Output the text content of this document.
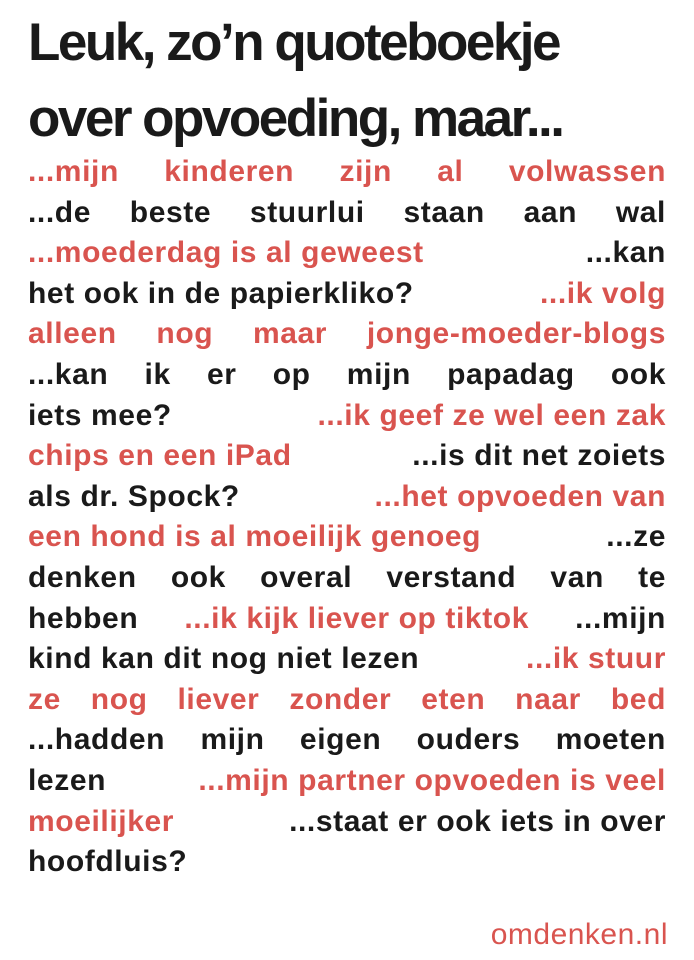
Leuk, zo’n quoteboekje
over opvoeding, maar...
...mijn kinderen zijn al volwassen
...de beste stuurlui staan aan wal
...moederdag is al geweest	...kan
het ook in de papierkliko?	...ik volg
alleen nog maar jonge-moeder-blogs
...kan ik er op mijn papadag ook
iets mee?	...ik geef ze wel een zak
chips en een iPad	...is dit net zoiets
als dr. Spock?	...het opvoeden van
een hond is al moeilijk genoeg	...ze
denken ook overal verstand van te
hebben ...ik kijk liever op tiktok ...mijn
kind kan dit nog niet lezen	...ik stuur
ze nog liever zonder eten naar bed
...hadden mijn eigen ouders moeten
lezen	...mijn partner opvoeden is veel
moeilijker	...staat er ook iets in over
hoofdluis?
omdenken.nl
